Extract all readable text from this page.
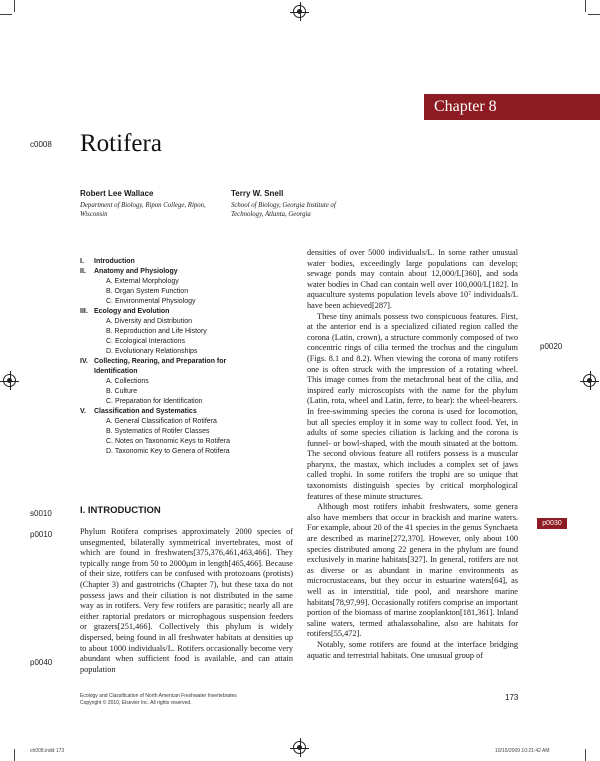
Chapter 8
c0008
s0010
p0010
p0040
p0020
p0030
Rotifera
Robert Lee Wallace
Department of Biology, Ripon College, Ripon, Wisconsin
Terry W. Snell
School of Biology, Georgia Institute of Technology, Atlanta, Georgia
I.	Introduction
II.	Anatomy and Physiology
A. External Morphology
B. Organ System Function
C. Environmental Physiology
III. Ecology and Evolution
A. Diversity and Distribution
B. Reproduction and Life History
C. Ecological Interactions
D. Evolutionary Relationships
IV. Collecting, Rearing, and Preparation for Identification
A. Collections
B. Culture
C. Preparation for Identification
V.	Classification and Systematics
A. General Classification of Rotifera
B. Systematics of Rotifer Classes
C. Notes on Taxonomic Keys to Rotifera
D. Taxonomic Key to Genera of Rotifera
I. INTRODUCTION

Phylum Rotifera comprises approximately 2000 species of unsegmented, bilaterally symmetrical invertebrates, most of which are found in freshwaters[375,376,461,463,466]. They typically range from 50 to 2000μm in length[465,466]. Because of their size, rotifers can be confused with protozoans (protists) (Chapter 3) and gastrotrichs (Chapter 7), but these taxa do not possess jaws and their ciliation is not distributed in the same way as in rotifers. Very few rotifers are parasitic; nearly all are either raptorial predators or microphagous suspension feeders or grazers[251,466]. Collectively this phylum is widely dispersed, being found in all freshwater habitats at densities up to about 1000 individuals/L. Rotifers occasionally become very abundant when sufficient food is available, and can attain population

densities of over 5000 individuals/L. In some rather unusual water bodies, exceedingly large populations can develop; sewage ponds may contain about 12,000/L[360], and soda water bodies in Chad can contain well over 100,000/L[182]. In aquaculture systems population levels above 10⁷ individuals/L have been achieved[287].

These tiny animals possess two conspicuous features. First, at the anterior end is a specialized ciliated region called the corona (Latin, crown), a structure commonly composed of two concentric rings of cilia termed the trochus and the cingulum (Figs. 8.1 and 8.2). When viewing the corona of many rotifers one is often struck with the impression of a rotating wheel. This image comes from the metachronal beat of the cilia, and inspired early microscopists with the name for the phylum (Latin, rota, wheel and Latin, ferre, to bear): the wheel-bearers. In free-swimming species the corona is used for locomotion, but all species employ it in some way to collect food. Yet, in adults of some species ciliation is lacking and the corona is funnel- or bowl-shaped, with the mouth situated at the bottom. The second obvious feature all rotifers possess is a muscular pharynx, the mastax, which includes a complex set of jaws called trophi. In some rotifers the trophi are so unique that taxonomists distinguish species by critical morphological features of these minute structures.

Although most rotifers inhabit freshwaters, some genera also have members that occur in brackish and marine waters. For example, about 20 of the 41 species in the genus Synchaeta are described as marine[272,370]. However, only about 100 species distributed among 22 genera in the phylum are found exclusively in marine habitats[327]. In general, rotifers are not as diverse or as abundant in marine environments as microcrustaceans, but they occur in estuarine waters[64], as well as in interstitial, tide pool, and nearshore marine habitats[78,97,99]. Occasionally rotifers comprise an important portion of the biomass of marine zooplankton[181,361]. Inland saline waters, termed athalassohaline, also are habitats for rotifers[55,472].

Notably, some rotifers are found at the interface bridging aquatic and terrestrial habitats. One unusual group of

Ecology and Classification of North American Freshwater Invertebrates
Copyright © 2010, Elsevier Inc. All rights reserved.
173
ch008.indd 173	10/15/2009 10:21:42 AM
